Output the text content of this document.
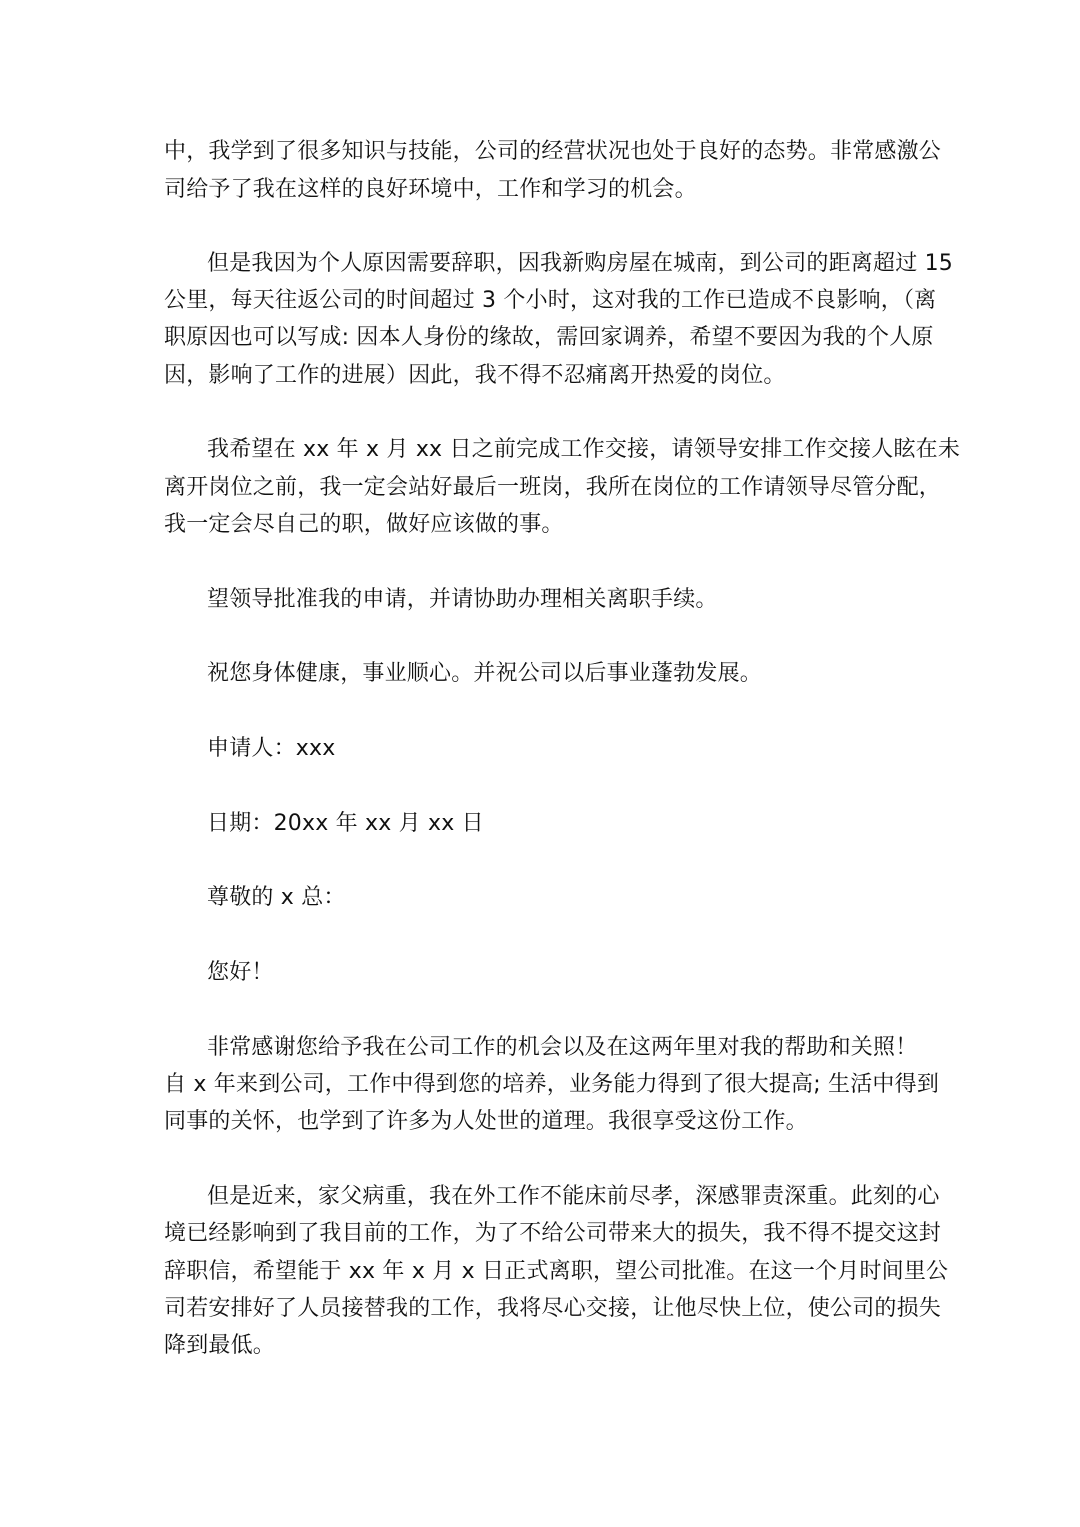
中，我学到了很多知识与技能，公司的经营状况也处于良好的态势。非常感激公
司给予了我在这样的良好环境中，工作和学习的机会。
但是我因为个人原因需要辞职，因我新购房屋在城南，到公司的距离超过 15
公里，每天往返公司的时间超过 3 个小时，这对我的工作已造成不良影响，（离
职原因也可以写成: 因本人身份的缘故，需回家调养，希望不要因为我的个人原
因，影响了工作的进展）因此，我不得不忍痛离开热爱的岗位。
我希望在 xx 年 x 月 xx 日之前完成工作交接，请领导安排工作交接人眩在未
离开岗位之前，我一定会站好最后一班岗，我所在岗位的工作请领导尽管分配，
我一定会尽自己的职，做好应该做的事。
望领导批准我的申请，并请协助办理相关离职手续。
祝您身体健康，事业顺心。并祝公司以后事业蓬勃发展。
申请人：xxx
日期：20xx 年 xx 月 xx 日
尊敬的 x 总：
您好！
非常感谢您给予我在公司工作的机会以及在这两年里对我的帮助和关照！
自 x 年来到公司，工作中得到您的培养，业务能力得到了很大提高; 生活中得到
同事的关怀，也学到了许多为人处世的道理。我很享受这份工作。
但是近来，家父病重，我在外工作不能床前尽孝，深感罪责深重。此刻的心
境已经影响到了我目前的工作，为了不给公司带来大的损失，我不得不提交这封
辞职信，希望能于 xx 年 x 月 x 日正式离职，望公司批准。在这一个月时间里公
司若安排好了人员接替我的工作，我将尽心交接，让他尽快上位，使公司的损失
降到最低。
